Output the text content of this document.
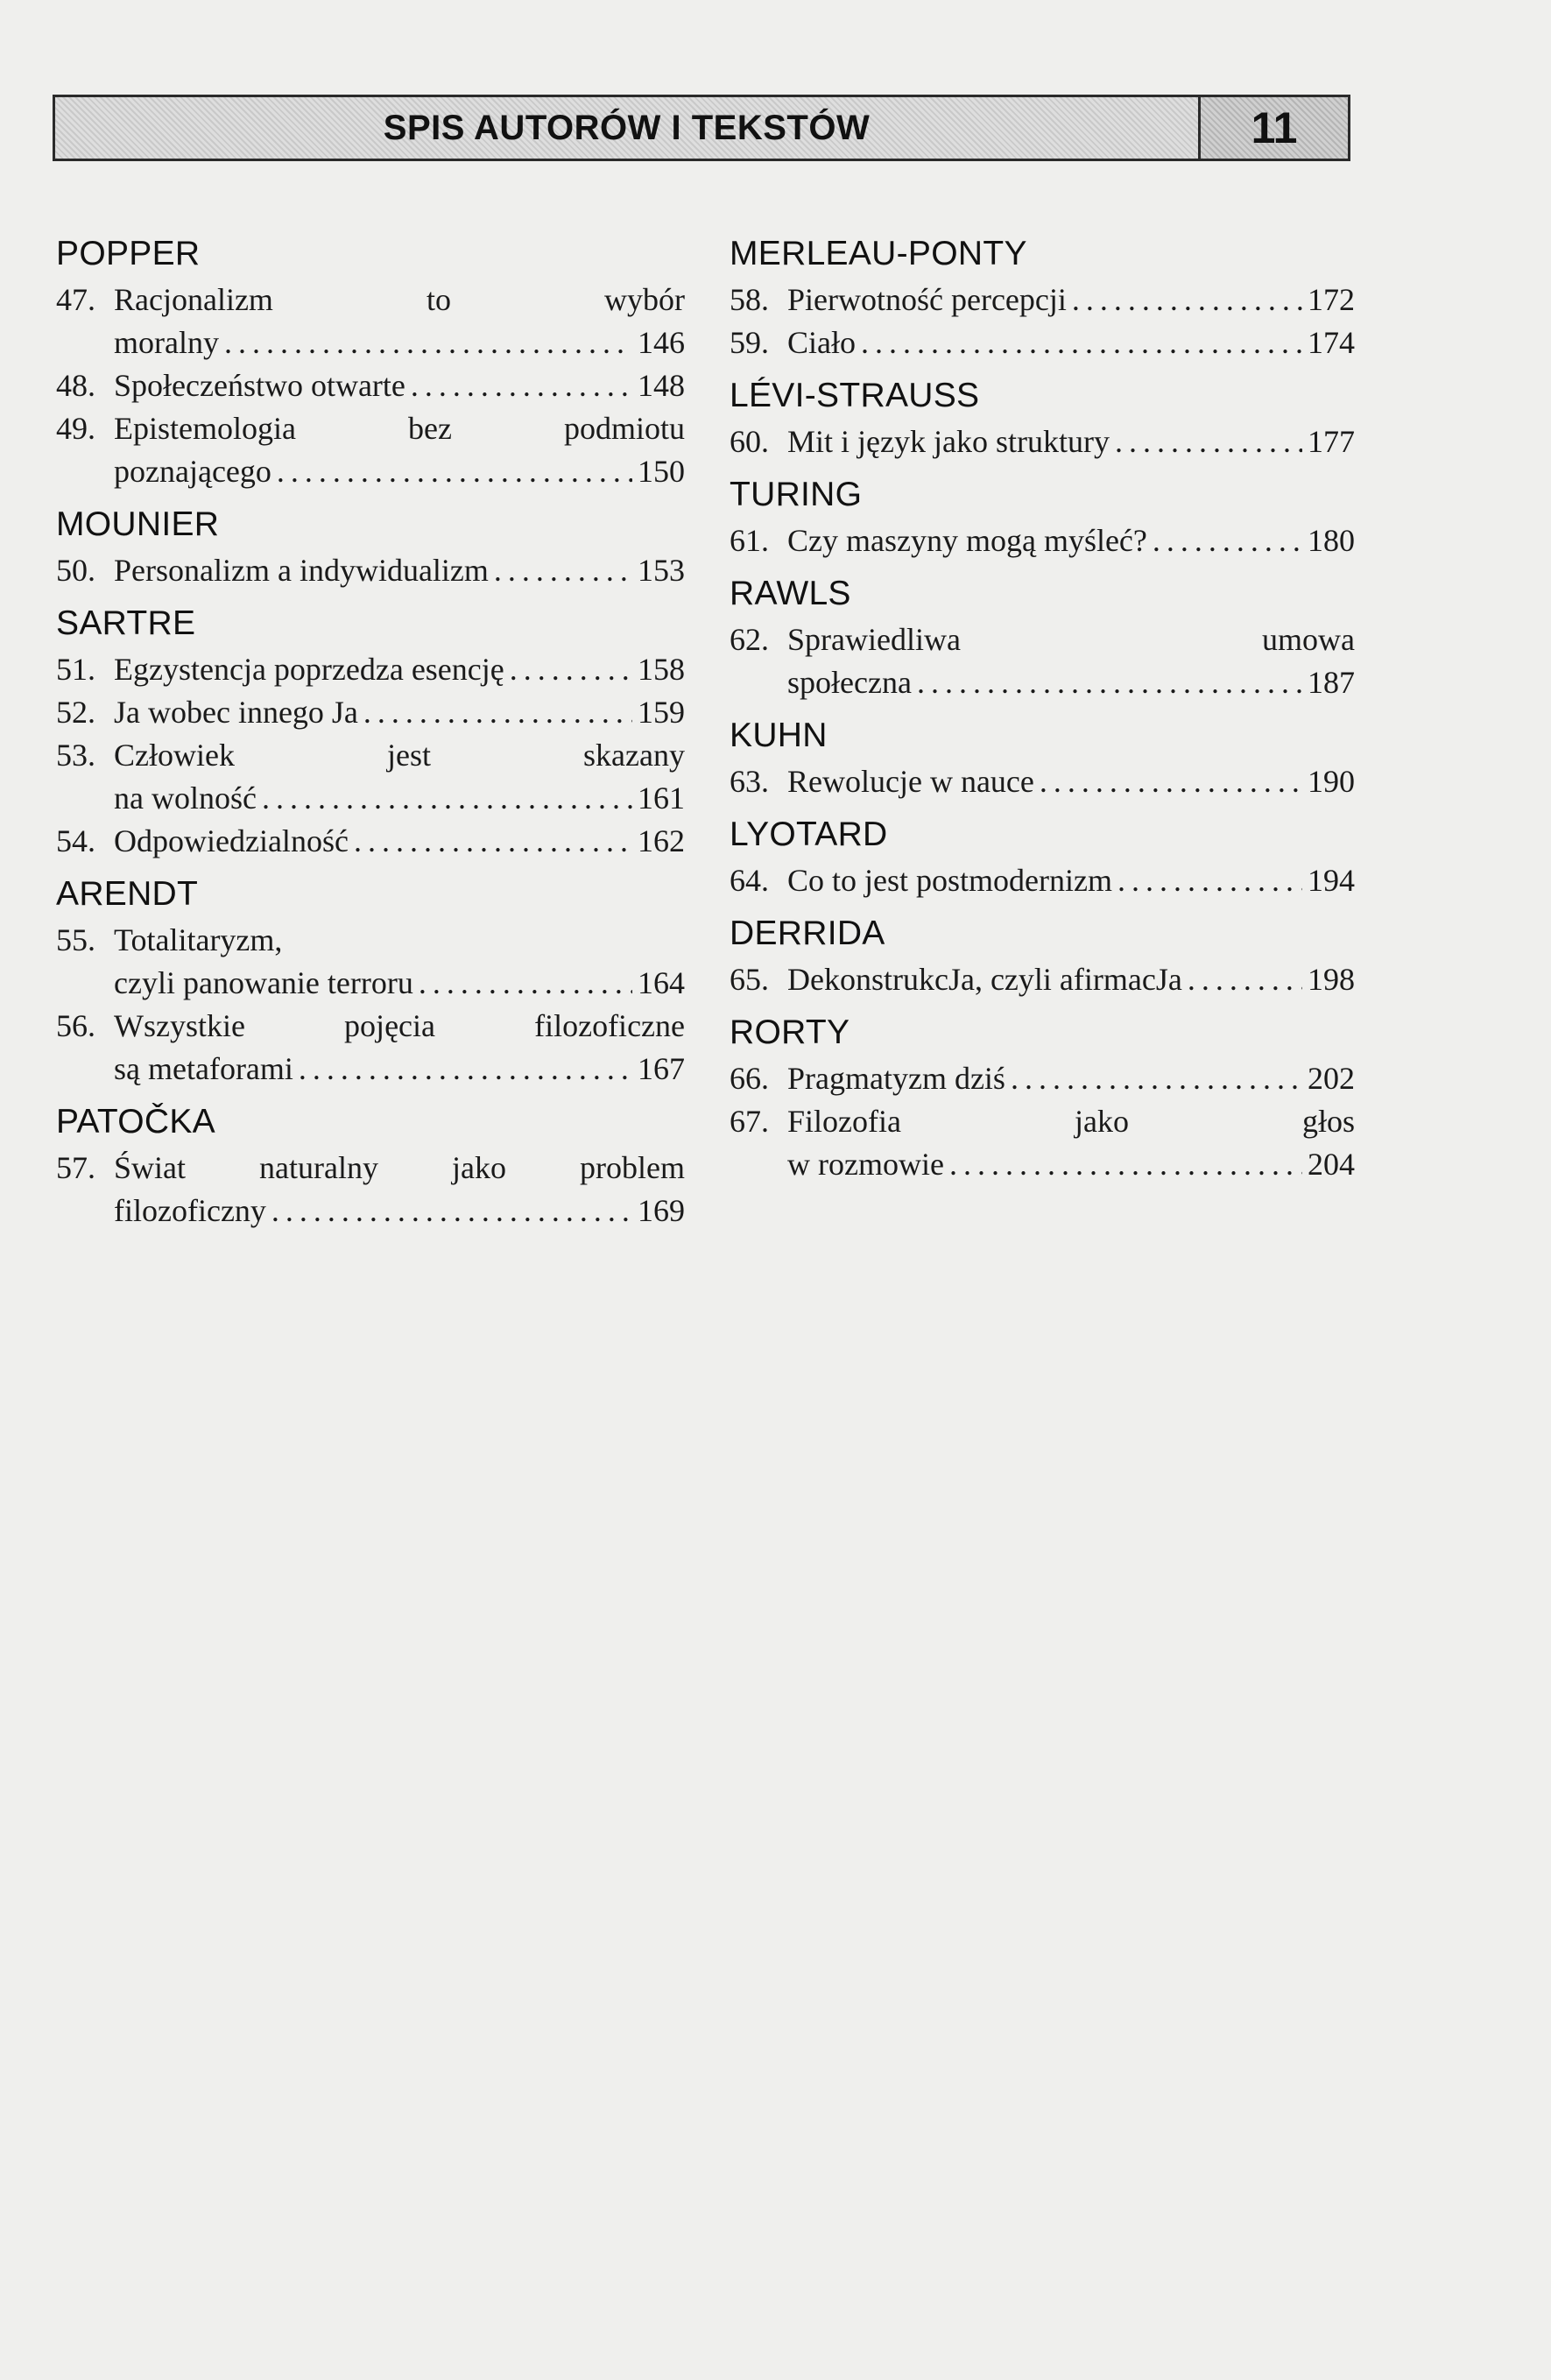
SPIS AUTORÓW I TEKSTÓW	11
POPPER
47. Racjonalizm to wybór
moralny . . .	146
48. Społeczeństwo otwarte . . .	148
49. Epistemologia bez podmiotu
poznającego . . .	150
MOUNIER
50. Personalizm a indywidualizm . . .	153
SARTRE
51. Egzystencja poprzedza esencję . . .	158
52. Ja wobec innego Ja . . .	159
53. Człowiek jest skazany
na wolność . . .	161
54. Odpowiedzialność . . .	162
ARENDT
55. Totalitaryzm,
czyli panowanie terroru . . .	164
56. Wszystkie pojęcia filozoficzne
są metaforami . . .	167
PATOČKA
57. Świat naturalny jako problem
filozoficzny . . .	169
MERLEAU-PONTY
58. Pierwotność percepcji . . .	172
59. Ciało . . .	174
LÉVI-STRAUSS
60. Mit i język jako struktury . . .	177
TURING
61. Czy maszyny mogą myśleć? . . .	180
RAWLS
62. Sprawiedliwa umowa
społeczna . . .	187
KUHN
63. Rewolucje w nauce . . .	190
LYOTARD
64. Co to jest postmodernizm . . .	194
DERRIDA
65. DekonstrukcJa, czyli afirmacJa . . .	198
RORTY
66. Pragmatyzm dziś . . .	202
67. Filozofia jako głos
w rozmowie . . .	204
